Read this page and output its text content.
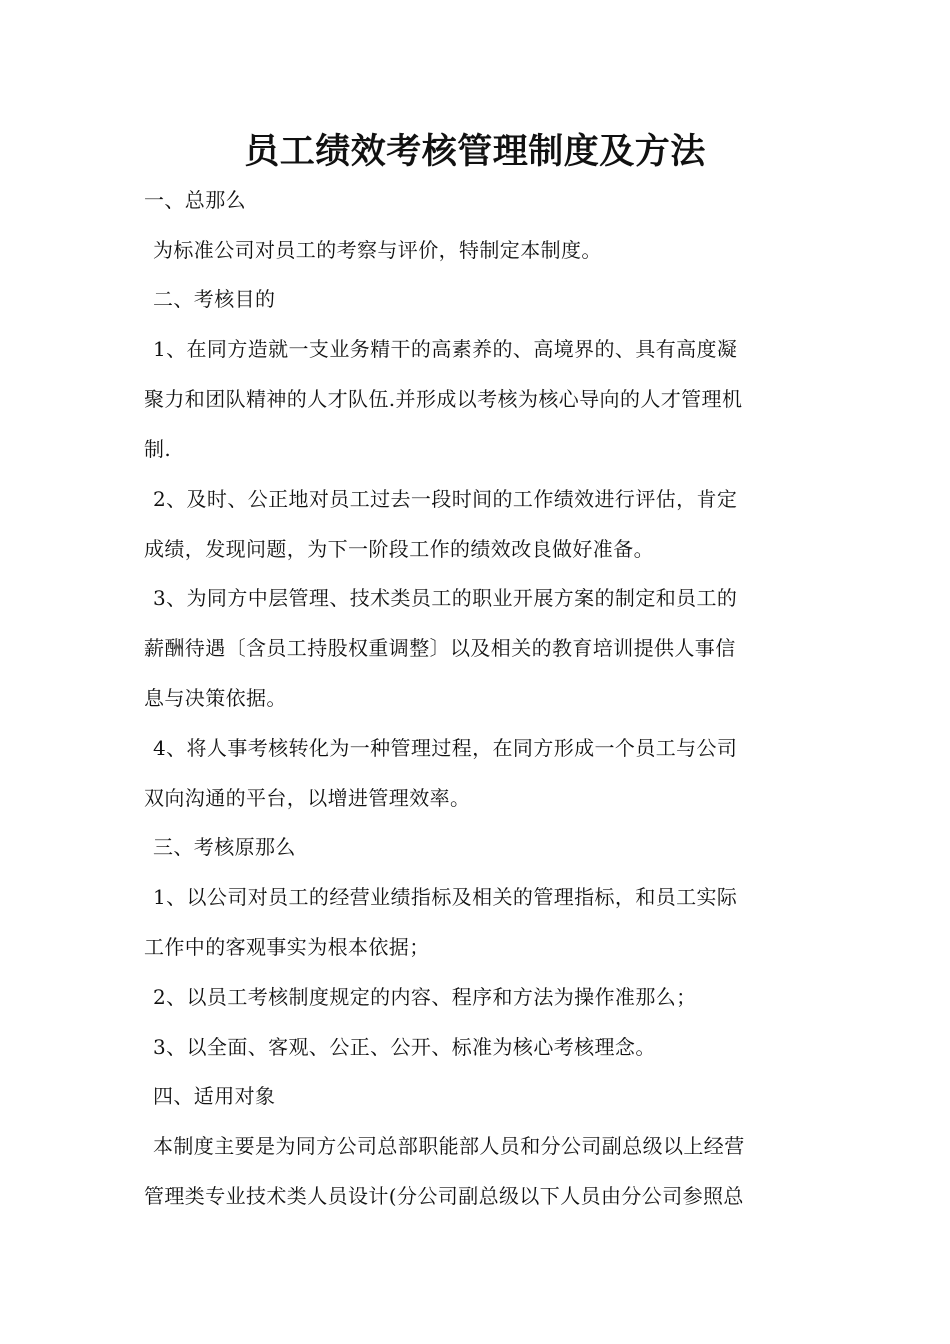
员工绩效考核管理制度及方法
一、总那么
为标准公司对员工的考察与评价，特制定本制度。
二、考核目的
1、在同方造就一支业务精干的高素养的、高境界的、具有高度凝
聚力和团队精神的人才队伍.并形成以考核为核心导向的人才管理机
制.
2、及时、公正地对员工过去一段时间的工作绩效进行评估，肯定
成绩，发现问题，为下一阶段工作的绩效改良做好准备。
3、为同方中层管理、技术类员工的职业开展方案的制定和员工的
薪酬待遇〔含员工持股权重调整〕以及相关的教育培训提供人事信
息与决策依据。
4、将人事考核转化为一种管理过程，在同方形成一个员工与公司
双向沟通的平台，以增进管理效率。
三、考核原那么
1、以公司对员工的经营业绩指标及相关的管理指标，和员工实际
工作中的客观事实为根本依据；
2、以员工考核制度规定的内容、程序和方法为操作准那么；
3、以全面、客观、公正、公开、标准为核心考核理念。
四、适用对象
本制度主要是为同方公司总部职能部人员和分公司副总级以上经营
管理类专业技术类人员设计(分公司副总级以下人员由分公司参照总
